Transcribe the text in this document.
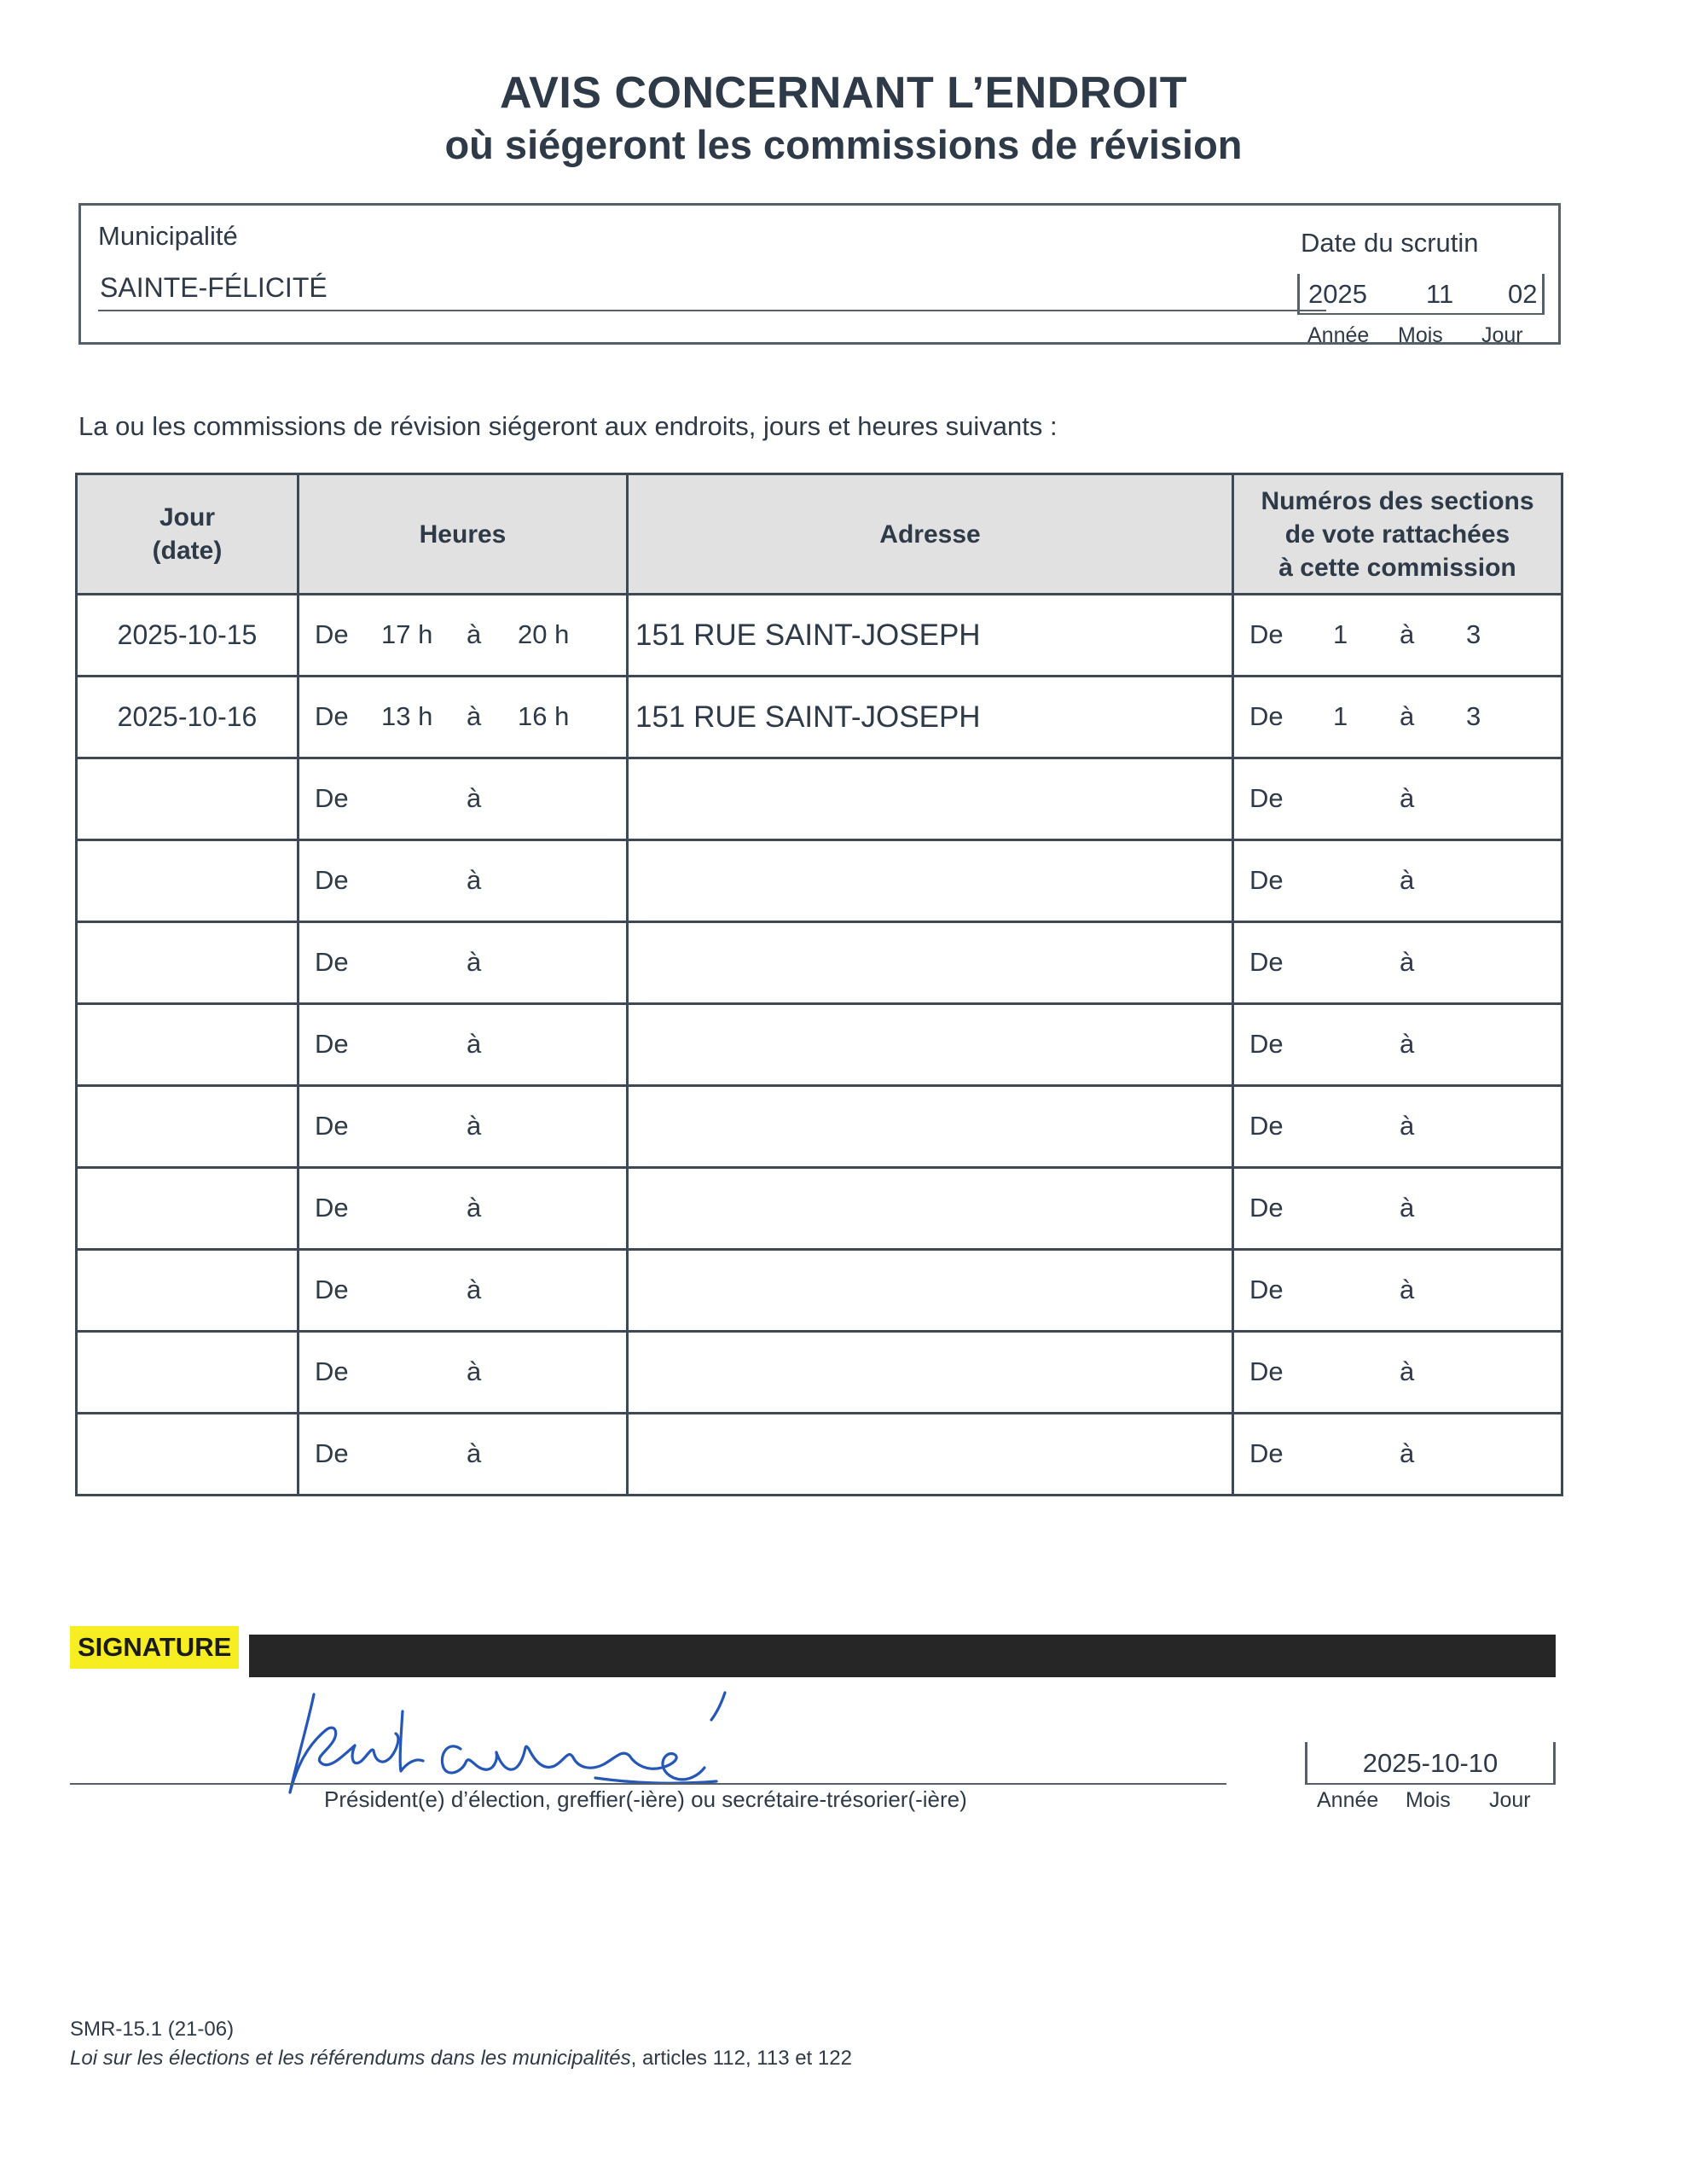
AVIS CONCERNANT L’ENDROIT
où siégeront les commissions de révision
Municipalité
SAINTE-FÉLICITÉ
Date du scrutin
2025 11 02
Année Mois Jour
La ou les commissions de révision siégeront aux endroits, jours et heures suivants :
Jour
(date)	Heures	Adresse	Numéros des sections
de vote rattachées
à cette commission
2025-10-15	De 17 h à 20 h	151 RUE SAINT-JOSEPH	De 1 à 3

2025-10-16	De 13 h à 16 h	151 RUE SAINT-JOSEPH	De 1 à 3

	De à		De à

	De à		De à

	De à		De à

	De à		De à

	De à		De à

	De à		De à

	De à		De à

	De à		De à

	De à		De à
SIGNATURE
Président(e) d’élection, greffier(-ière) ou secrétaire-trésorier(-ière)
2025-10-10
Année Mois Jour
SMR-15.1 (21-06)
Loi sur les élections et les référendums dans les municipalités, articles 112, 113 et 122
